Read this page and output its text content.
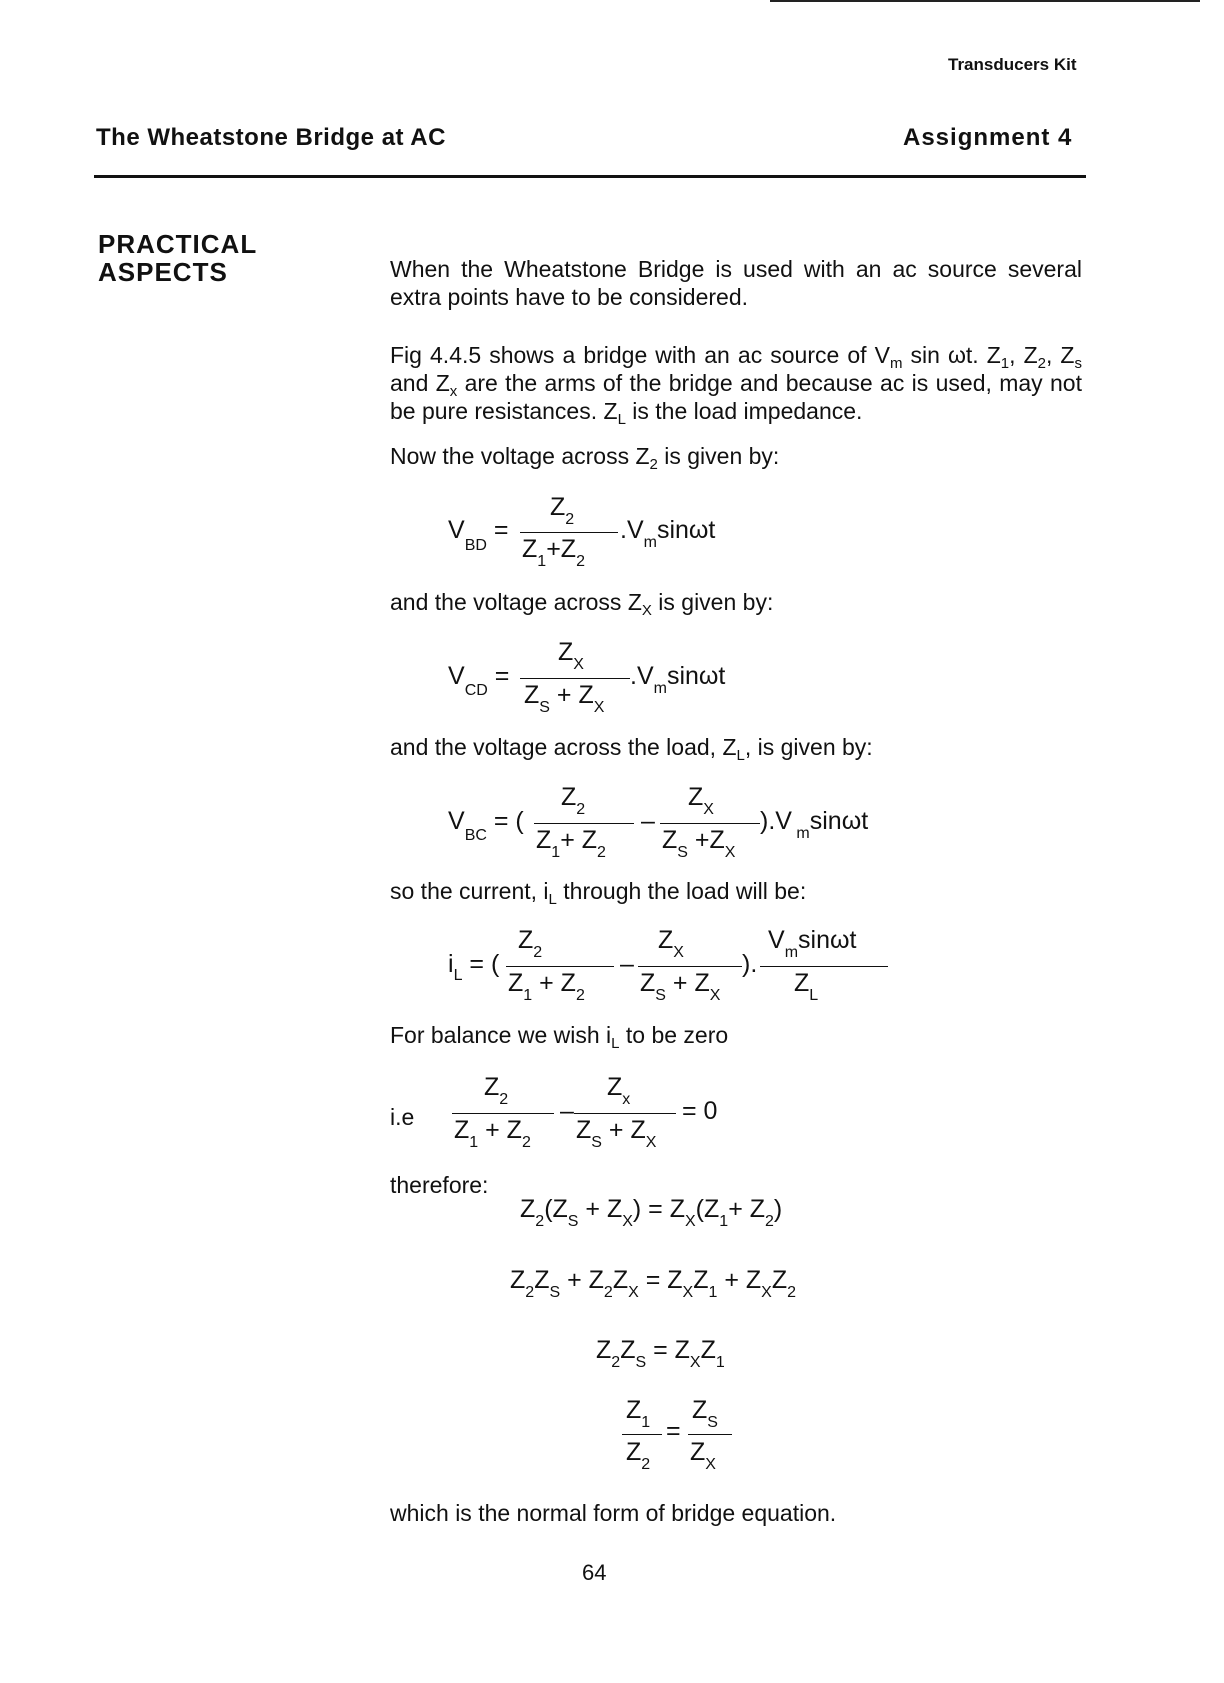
Transducers Kit
The Wheatstone Bridge at AC	Assignment 4
PRACTICAL
ASPECTS	When the Wheatstone Bridge is used with an ac source several extra points have to be considered.
Fig 4.4.5 shows a bridge with an ac source of $V_m$ sin ωt. $Z_1$, $Z_2$, $Z_s$ and $Z_x$ are the arms of the bridge and because ac is used, may not be pure resistances. $Z_L$ is the load impedance.
Now the voltage across $Z_2$ is given by:
$V_{BD}$ =
$Z_2$
$Z_1+Z_2$
$.V_m\sin\omega t$
and the voltage across $Z_X$ is given by:
$V_{CD}$ =
$Z_X$
$Z_S + Z_X$
$.V_m\sin\omega t$
and the voltage across the load, $Z_L$, is given by:
$V_{BC}$ = (
$Z_2$
$Z_1+ Z_2$
–
$Z_X$
$Z_S +Z_X$
).V $_m$sinωt
so the current, $i_L$ through the load will be:
$i_L$ = (
$Z_2$
$Z_1 + Z_2$
–
$Z_X$
$Z_S + Z_X$
).
$V_m\sin\omega t$
$Z_L$
For balance we wish $i_L$ to be zero
i.e
$Z_2$
$Z_1 + Z_2$
–
$Z_x$
$Z_S + Z_X$
= 0
therefore:
$Z_2(Z_S + Z_X) = Z_X(Z_1+ Z_2)$
$Z_2Z_S + Z_2Z_X = Z_XZ_1 + Z_XZ_2$
$Z_2Z_S = Z_XZ_1$
$Z_1$
$Z_2$
=
$Z_S$
$Z_X$
which is the normal form of bridge equation.
64
